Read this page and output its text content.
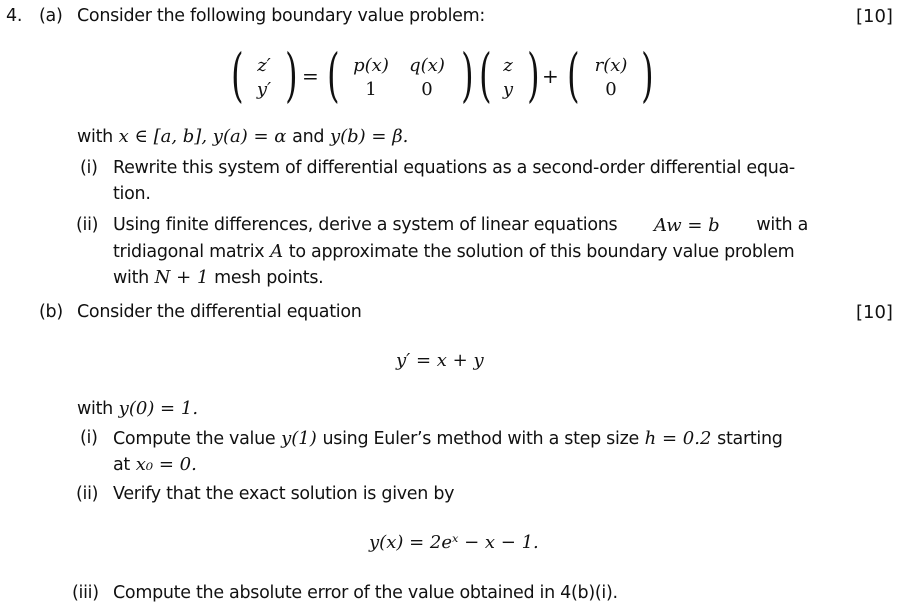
4. (a) Consider the following boundary value problem:	[10]
( z′
y′ ) = ( p(x)
1
q(x)
0 ) ( z
y ) + ( r(x)
0 )
with x ∈ [a, b], y(a) = α and y(b) = β.
(i) Rewrite this system of differential equations as a second-order differential equa-
tion.
(ii) Using finite differences, derive a system of linear equations Aw = b with a
tridiagonal matrix A to approximate the solution of this boundary value problem
with N + 1 mesh points.
(b) Consider the differential equation	[10]
y′ = x + y
with y(0) = 1.
(i) Compute the value y(1) using Euler’s method with a step size h = 0.2 starting
at x₀ = 0.
(ii) Verify that the exact solution is given by
y(x) = 2eˣ − x − 1.
(iii) Compute the absolute error of the value obtained in 4(b)(i).
